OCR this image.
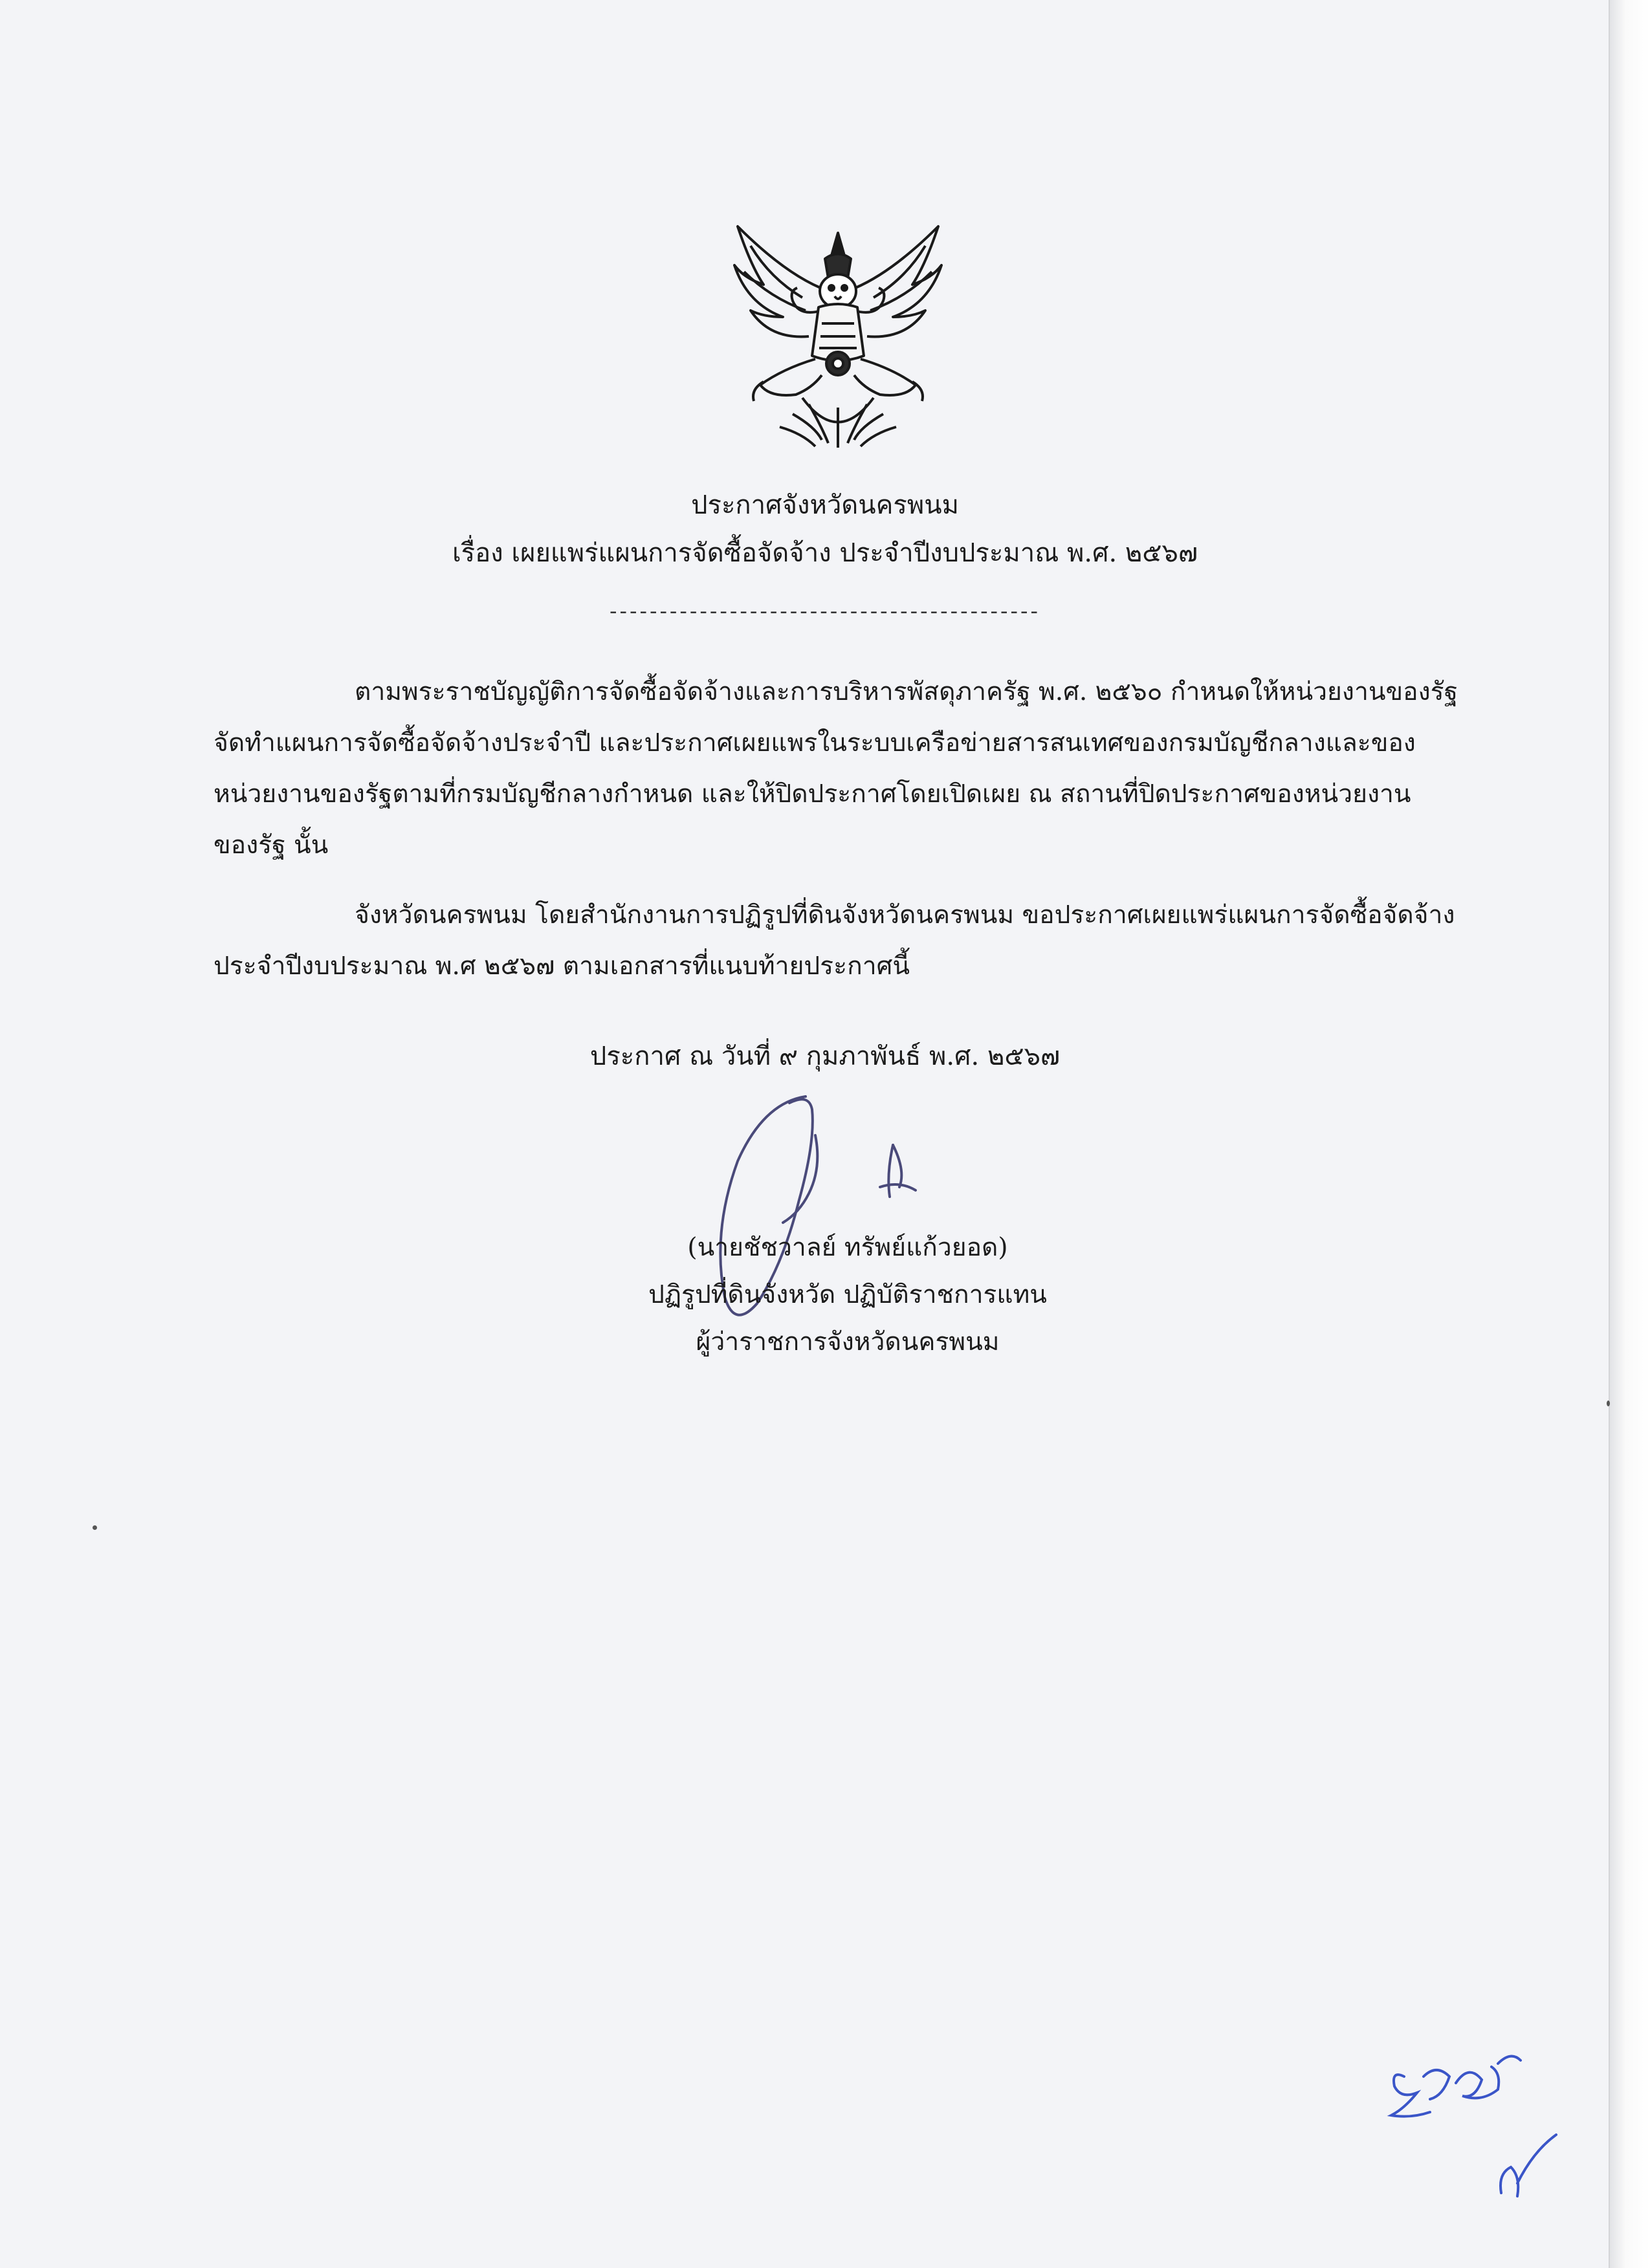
ประกาศจังหวัดนครพนม
เรื่อง เผยแพร่แผนการจัดซื้อจัดจ้าง ประจำปีงบประมาณ พ.ศ. ๒๕๖๗
-------------------------------------------
ตามพระราชบัญญัติการจัดซื้อจัดจ้างและการบริหารพัสดุภาครัฐ พ.ศ. ๒๕๖๐ กำหนดให้หน่วยงานของรัฐ
จัดทำแผนการจัดซื้อจัดจ้างประจำปี และประกาศเผยแพรในระบบเครือข่ายสารสนเทศของกรมบัญชีกลางและของ
หน่วยงานของรัฐตามที่กรมบัญชีกลางกำหนด และให้ปิดประกาศโดยเปิดเผย ณ สถานที่ปิดประกาศของหน่วยงาน
ของรัฐ นั้น
จังหวัดนครพนม โดยสำนักงานการปฏิรูปที่ดินจังหวัดนครพนม ขอประกาศเผยแพร่แผนการจัดซื้อจัดจ้าง
ประจำปีงบประมาณ พ.ศ ๒๕๖๗ ตามเอกสารที่แนบท้ายประกาศนี้
ประกาศ ณ วันที่ ๙ กุมภาพันธ์ พ.ศ. ๒๕๖๗
(นายชัชวาลย์ ทรัพย์แก้วยอด)
ปฏิรูปที่ดินจังหวัด ปฏิบัติราชการแทน
ผู้ว่าราชการจังหวัดนครพนม
